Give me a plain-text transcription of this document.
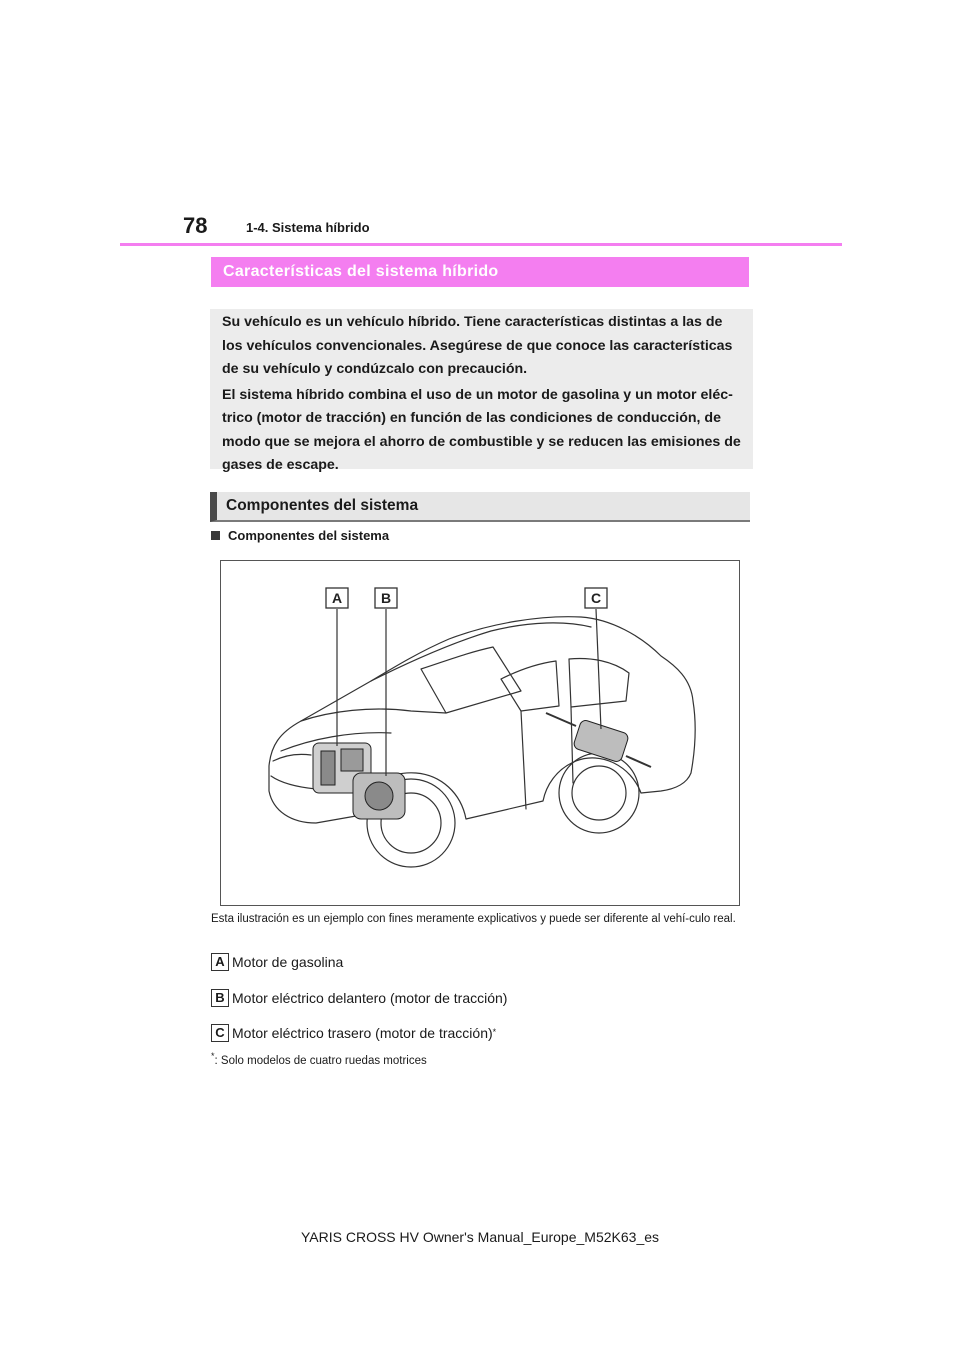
78	1-4. Sistema híbrido
Características del sistema híbrido

Su vehículo es un vehículo híbrido. Tiene características distintas a las de los vehículos convencionales. Asegúrese de que conoce las características de su vehículo y condúzcalo con precaución.

El sistema híbrido combina el uso de un motor de gasolina y un motor eléc-trico (motor de tracción) en función de las condiciones de conducción, de modo que se mejora el ahorro de combustible y se reducen las emisiones de gases de escape.

Componentes del sistema
Componentes del sistema
A	B	C
Esta ilustración es un ejemplo con fines meramente explicativos y puede ser diferente al vehí-culo real.
A Motor de gasolina
B Motor eléctrico delantero (motor de tracción)
C Motor eléctrico trasero (motor de tracción)*
*: Solo modelos de cuatro ruedas motrices
YARIS CROSS HV Owner's Manual_Europe_M52K63_es
